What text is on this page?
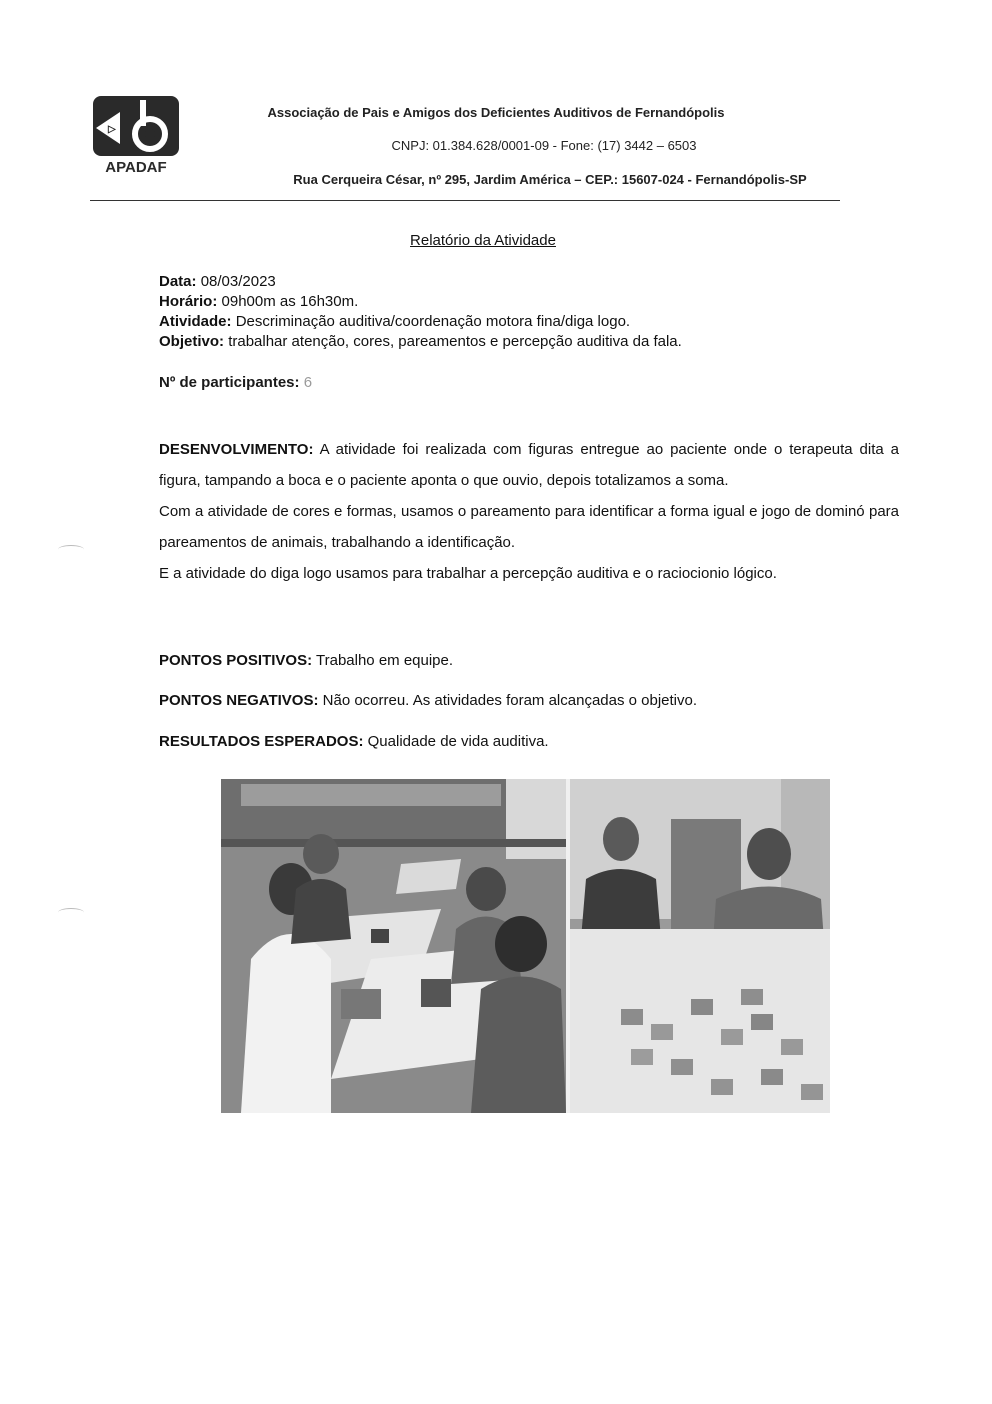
▷
APADAF
Associação de Pais e Amigos dos Deficientes Auditivos de Fernandópolis
CNPJ: 01.384.628/0001-09 - Fone: (17) 3442 – 6503
Rua Cerqueira César, nº 295, Jardim América – CEP.: 15607-024 - Fernandópolis-SP
Relatório da Atividade
Data: 08/03/2023
Horário: 09h00m as 16h30m.
Atividade: Descriminação auditiva/coordenação motora fina/diga logo.
Objetivo: trabalhar atenção, cores, pareamentos e percepção auditiva da fala.
Nº de participantes: 6

DESENVOLVIMENTO: A atividade foi realizada com figuras entregue ao paciente onde o terapeuta dita a figura, tampando a boca e o paciente aponta o que ouvio, depois totalizamos a soma.

Com a atividade de cores e formas, usamos o pareamento para identificar a forma igual e jogo de dominó para pareamentos de animais, trabalhando a identificação.

E a atividade do diga logo usamos para trabalhar a percepção auditiva e o raciocionio lógico.

PONTOS POSITIVOS: Trabalho em equipe.
PONTOS NEGATIVOS: Não ocorreu. As atividades foram alcançadas o objetivo.
RESULTADOS ESPERADOS: Qualidade de vida auditiva.
